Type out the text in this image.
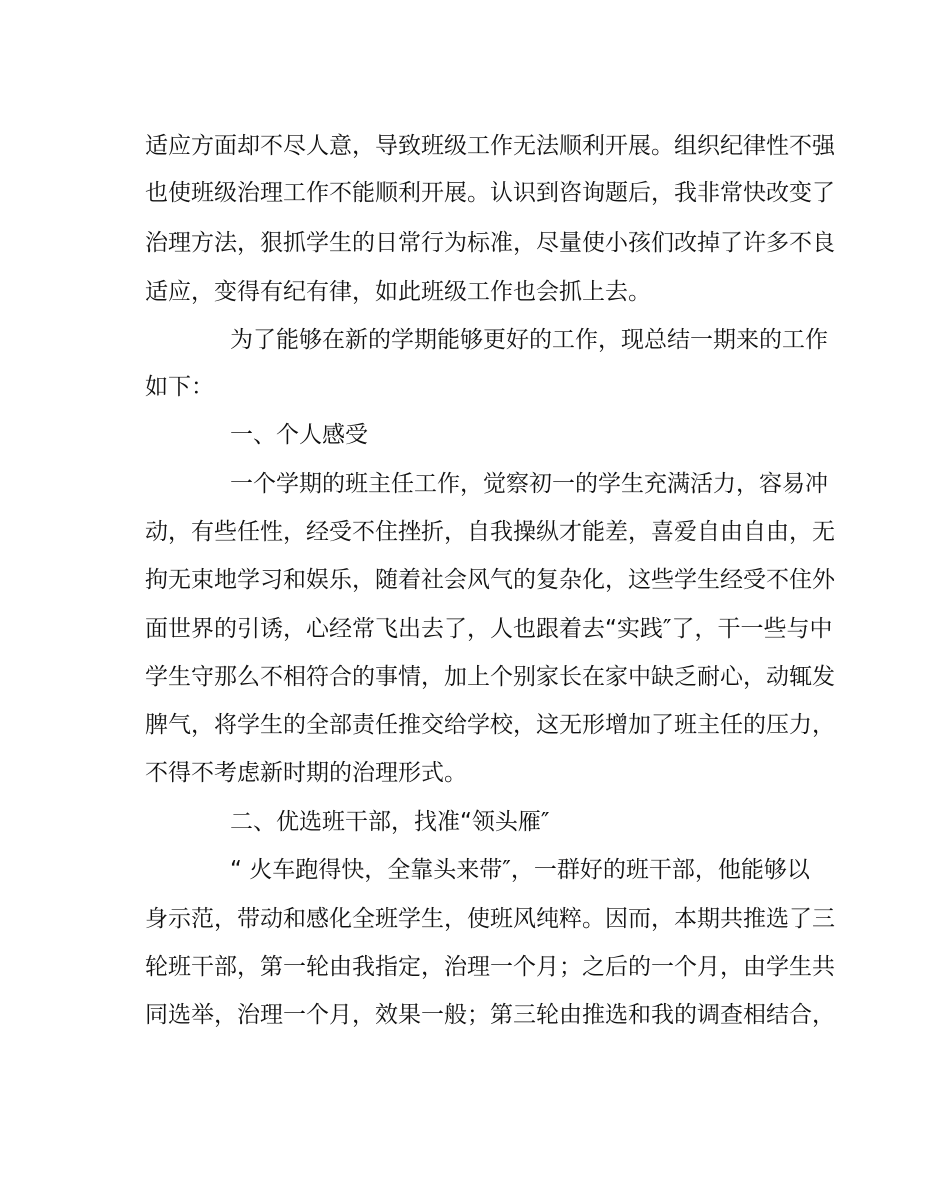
适应方面却不尽人意，导致班级工作无法顺利开展。组织纪律性不强
也使班级治理工作不能顺利开展。认识到咨询题后，我非常快改变了
治理方法，狠抓学生的日常行为标准，尽量使小孩们改掉了许多不良
适应，变得有纪有律，如此班级工作也会抓上去。
为了能够在新的学期能够更好的工作，现总结一期来的工作
如下：
一、个人感受
一个学期的班主任工作，觉察初一的学生充满活力，容易冲
动，有些任性，经受不住挫折，自我操纵才能差，喜爱自由自由，无
拘无束地学习和娱乐，随着社会风气的复杂化，这些学生经受不住外
面世界的引诱，心经常飞出去了，人也跟着去“实践″了，干一些与中
学生守那么不相符合的事情，加上个别家长在家中缺乏耐心，动辄发
脾气，将学生的全部责任推交给学校，这无形增加了班主任的压力，
不得不考虑新时期的治理形式。
二、优选班干部，找准“领头雁″
“ 火车跑得快，全靠头来带″，一群好的班干部，他能够以
身示范，带动和感化全班学生，使班风纯粹。因而，本期共推选了三
轮班干部，第一轮由我指定，治理一个月；之后的一个月，由学生共
同选举，治理一个月，效果一般；第三轮由推选和我的调查相结合，
